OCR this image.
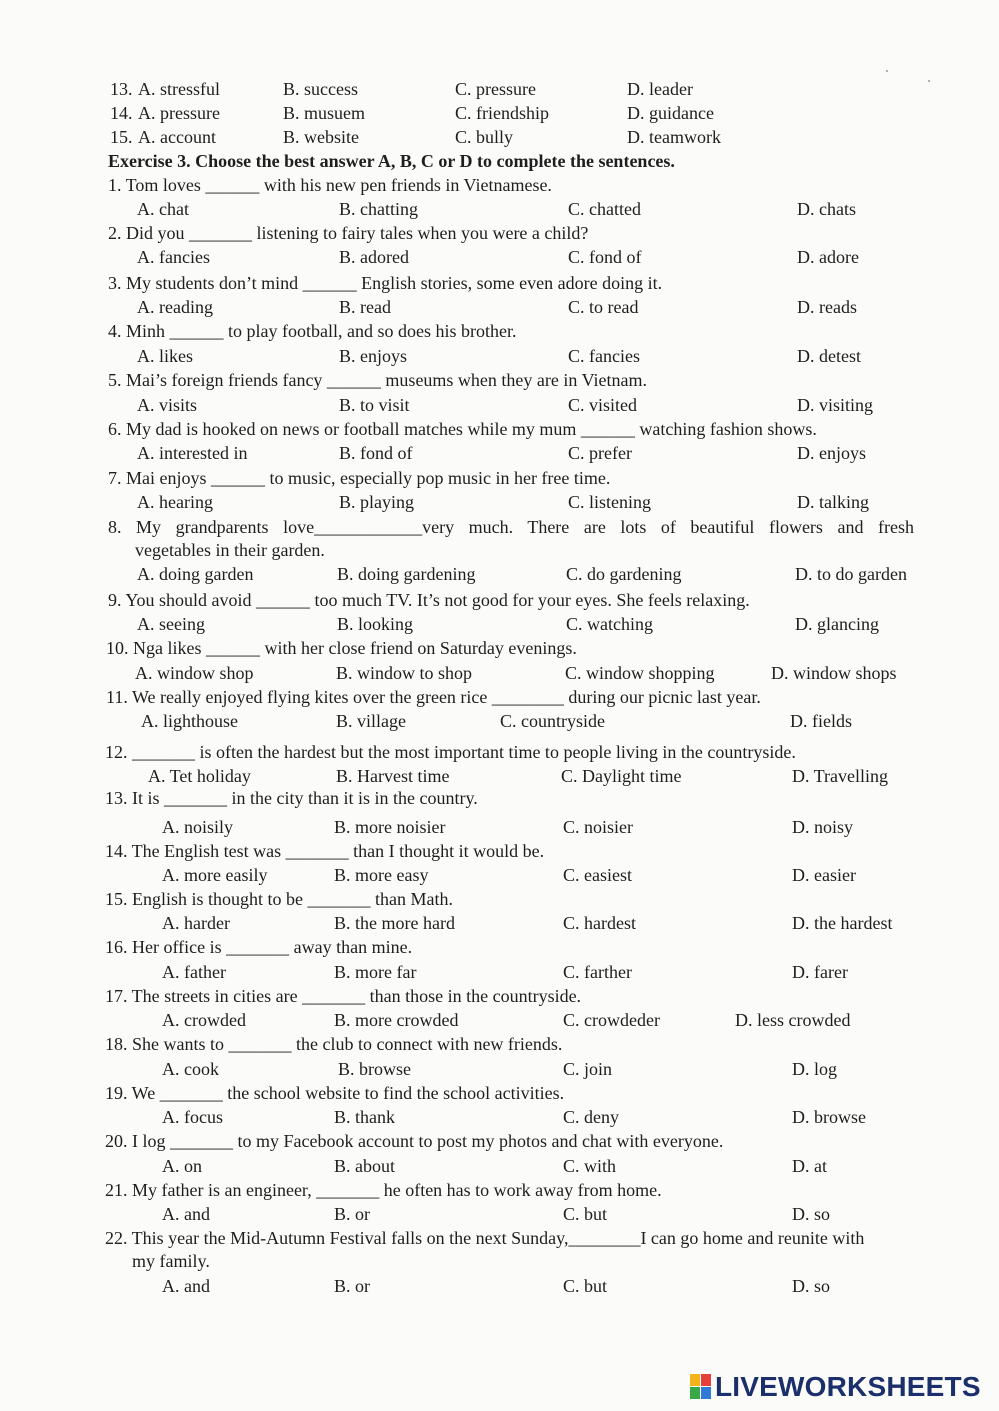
13. A. stressful	B. success	C. pressure	D. leader
14. A. pressure	B. musuem	C. friendship	D. guidance
15. A. account	B. website	C. bully	D. teamwork
Exercise 3. Choose the best answer A, B, C or D to complete the sentences.
1. Tom loves ______ with his new pen friends in Vietnamese.
A. chat	B. chatting	C. chatted	D. chats
2. Did you _______ listening to fairy tales when you were a child?
A. fancies	B. adored	C. fond of	D. adore
3. My students don’t mind ______ English stories, some even adore doing it.
A. reading	B. read	C. to read	D. reads
4. Minh ______ to play football, and so does his brother.
A. likes	B. enjoys	C. fancies	D. detest
5. Mai’s foreign friends fancy ______ museums when they are in Vietnam.
A. visits	B. to visit	C. visited	D. visiting
6. My dad is hooked on news or football matches while my mum ______ watching fashion shows.
A. interested in	B. fond of	C. prefer	D. enjoys
7. Mai enjoys ______ to music, especially pop music in her free time.
A. hearing	B. playing	C. listening	D. talking
8. My grandparents love____________very much. There are lots of beautiful flowers and fresh
vegetables in their garden.
A. doing garden	B. doing gardening	C. do gardening	D. to do garden
9. You should avoid ______ too much TV. It’s not good for your eyes. She feels relaxing.
A. seeing	B. looking	C. watching	D. glancing
10. Nga likes ______ with her close friend on Saturday evenings.
A. window shop	B. window to shop	C. window shopping	D. window shops
11. We really enjoyed flying kites over the green rice ________ during our picnic last year.
A. lighthouse	B. village	C. countryside	D. fields
12. _______ is often the hardest but the most important time to people living in the countryside.
A. Tet holiday	B. Harvest time	C. Daylight time	D. Travelling
13. It is _______ in the city than it is in the country.
A. noisily	B. more noisier	C. noisier	D. noisy
14. The English test was _______ than I thought it would be.
A. more easily	B. more easy	C. easiest	D. easier
15. English is thought to be _______ than Math.
A. harder	B. the more hard	C. hardest	D. the hardest
16. Her office is _______ away than mine.
A. father	B. more far	C. farther	D. farer
17. The streets in cities are _______ than those in the countryside.
A. crowded	B. more crowded	C. crowdeder	D. less crowded
18. She wants to _______ the club to connect with new friends.
A. cook	B. browse	C. join	D. log
19. We _______ the school website to find the school activities.
A. focus	B. thank	C. deny	D. browse
20. I log _______ to my Facebook account to post my photos and chat with everyone.
A. on	B. about	C. with	D. at
21. My father is an engineer, _______ he often has to work away from home.
A. and	B. or	C. but	D. so
22. This year the Mid-Autumn Festival falls on the next Sunday,________I can go home and reunite with
my family.
A. and	B. or	C. but	D. so
LIVEWORKSHEETS
